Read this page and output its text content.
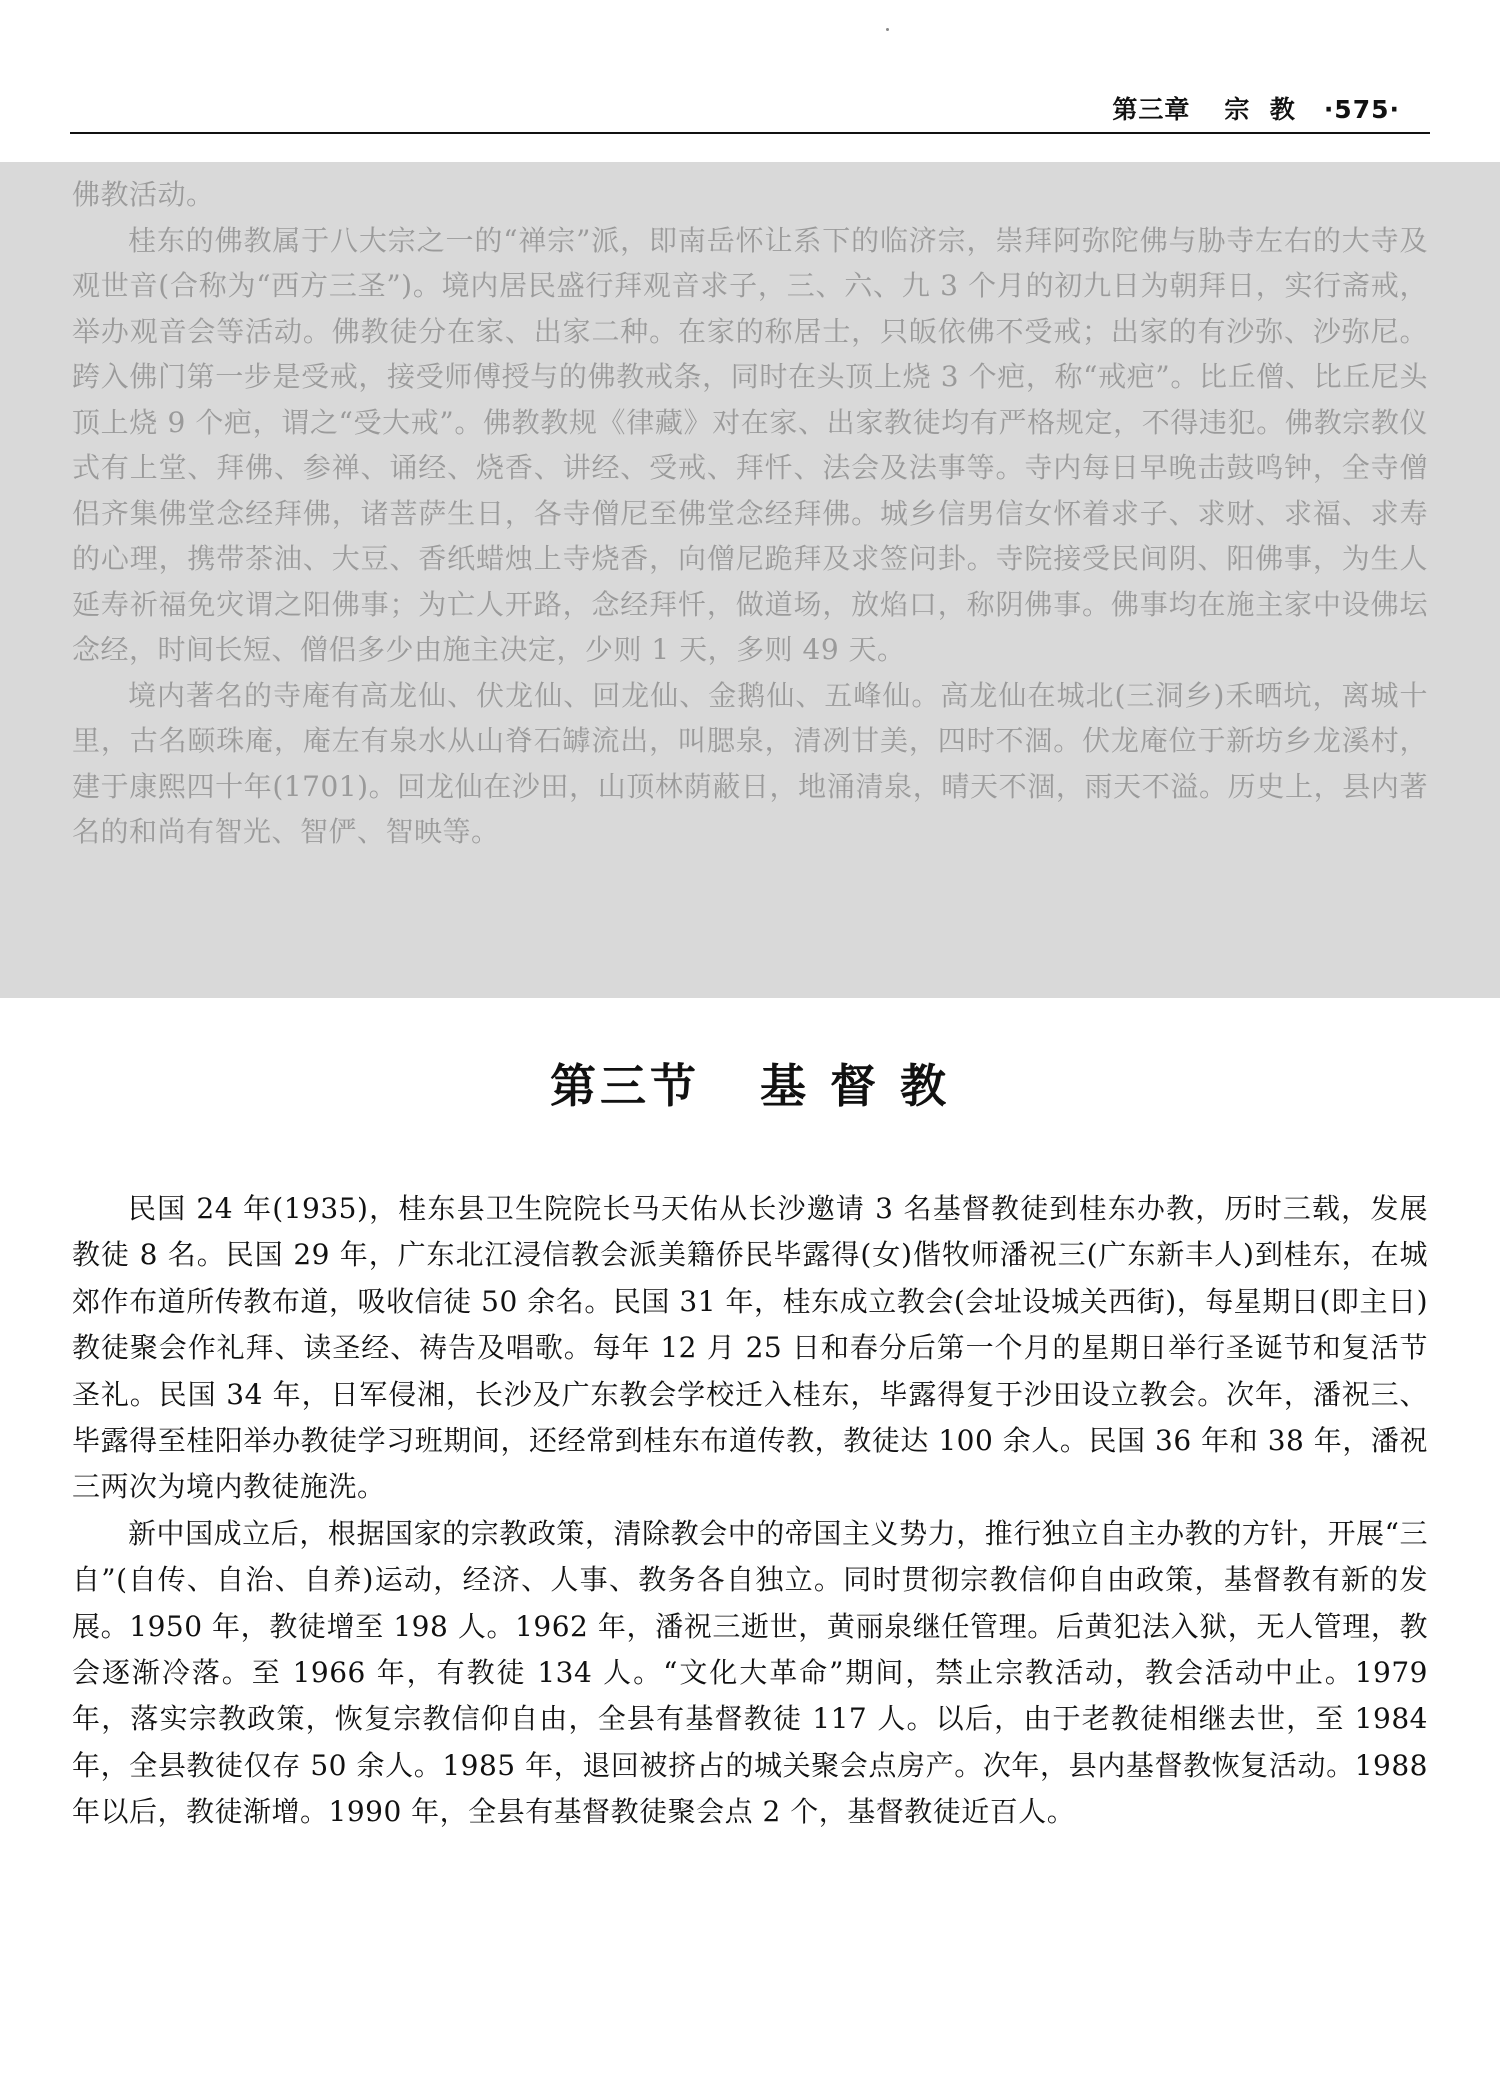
第三章 宗  教 ·575·

佛教活动。

桂东的佛教属于八大宗之一的“禅宗”派，即南岳怀让系下的临济宗，崇拜阿弥陀佛与胁寺左右的大寺及观世音(合称为“西方三圣”)。境内居民盛行拜观音求子，三、六、九 3 个月的初九日为朝拜日，实行斋戒，举办观音会等活动。佛教徒分在家、出家二种。在家的称居士，只皈依佛不受戒；出家的有沙弥、沙弥尼。跨入佛门第一步是受戒，接受师傅授与的佛教戒条，同时在头顶上烧 3 个疤，称“戒疤”。比丘僧、比丘尼头顶上烧 9 个疤，谓之“受大戒”。佛教教规《律藏》对在家、出家教徒均有严格规定，不得违犯。佛教宗教仪式有上堂、拜佛、参禅、诵经、烧香、讲经、受戒、拜忏、法会及法事等。寺内每日早晚击鼓鸣钟，全寺僧侣齐集佛堂念经拜佛，诸菩萨生日，各寺僧尼至佛堂念经拜佛。城乡信男信女怀着求子、求财、求福、求寿的心理，携带茶油、大豆、香纸蜡烛上寺烧香，向僧尼跪拜及求签问卦。寺院接受民间阴、阳佛事，为生人延寿祈福免灾谓之阳佛事；为亡人开路，念经拜忏，做道场，放焰口，称阴佛事。佛事均在施主家中设佛坛念经，时间长短、僧侣多少由施主决定，少则 1 天，多则 49 天。

境内著名的寺庵有高龙仙、伏龙仙、回龙仙、金鹅仙、五峰仙。高龙仙在城北(三洞乡)禾晒坑，离城十里，古名颐珠庵，庵左有泉水从山脊石罅流出，叫腮泉，清冽甘美，四时不涸。伏龙庵位于新坊乡龙溪村，建于康熙四十年(1701)。回龙仙在沙田，山顶林荫蔽日，地涌清泉，晴天不涸，雨天不溢。历史上，县内著名的和尚有智光、智俨、智映等。

第三节   基 督 教

民国 24 年(1935)，桂东县卫生院院长马天佑从长沙邀请 3 名基督教徒到桂东办教，历时三载，发展教徒 8 名。民国 29 年，广东北江浸信教会派美籍侨民毕露得(女)偕牧师潘祝三(广东新丰人)到桂东，在城郊作布道所传教布道，吸收信徒 50 余名。民国 31 年，桂东成立教会(会址设城关西街)，每星期日(即主日)教徒聚会作礼拜、读圣经、祷告及唱歌。每年 12 月 25 日和春分后第一个月的星期日举行圣诞节和复活节圣礼。民国 34 年，日军侵湘，长沙及广东教会学校迁入桂东，毕露得复于沙田设立教会。次年，潘祝三、毕露得至桂阳举办教徒学习班期间，还经常到桂东布道传教，教徒达 100 余人。民国 36 年和 38 年，潘祝三两次为境内教徒施洗。

新中国成立后，根据国家的宗教政策，清除教会中的帝国主义势力，推行独立自主办教的方针，开展“三自”(自传、自治、自养)运动，经济、人事、教务各自独立。同时贯彻宗教信仰自由政策，基督教有新的发展。1950 年，教徒增至 198 人。1962 年，潘祝三逝世，黄丽泉继任管理。后黄犯法入狱，无人管理，教会逐渐冷落。至 1966 年，有教徒 134 人。“文化大革命”期间，禁止宗教活动，教会活动中止。1979 年，落实宗教政策，恢复宗教信仰自由，全县有基督教徒 117 人。以后，由于老教徒相继去世，至 1984 年，全县教徒仅存 50 余人。1985 年，退回被挤占的城关聚会点房产。次年，县内基督教恢复活动。1988 年以后，教徒渐增。1990 年，全县有基督教徒聚会点 2 个，基督教徒近百人。
